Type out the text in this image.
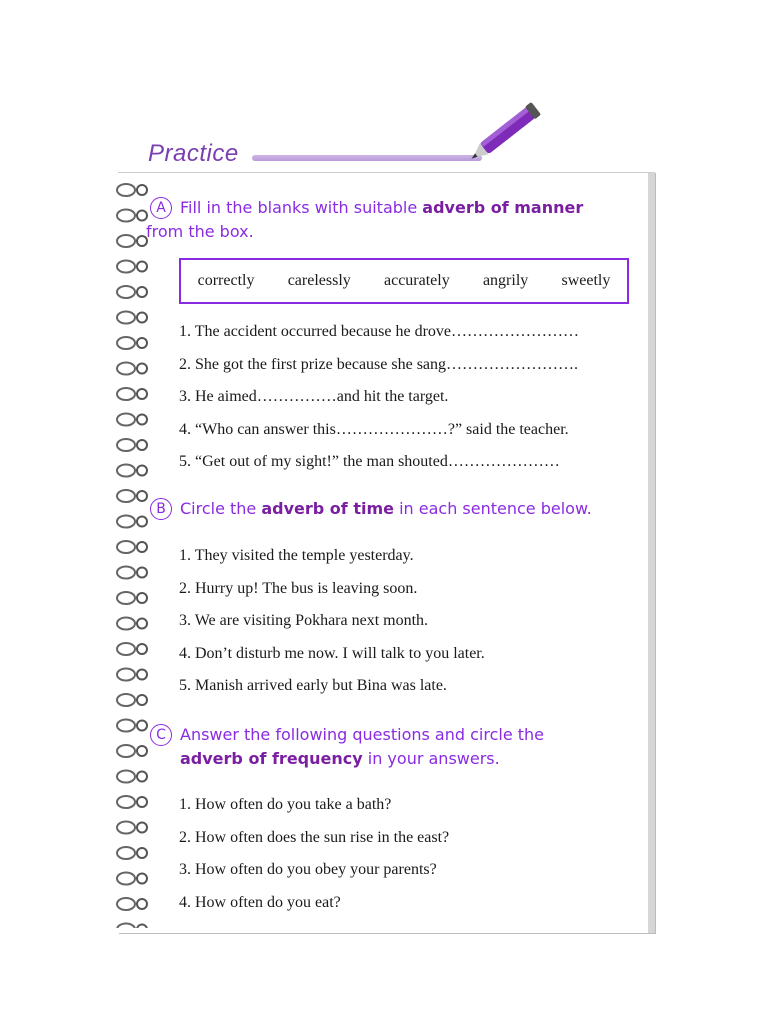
Practice
A Fill in the blanks with suitable adverb of manner
from the box.
correctly carelessly accurately angrily sweetly
1. The accident occurred because he drove……………………
2. She got the first prize because she sang…………………….
3. He aimed……………and hit the target.
4. “Who can answer this…………………?” said the teacher.
5. “Get out of my sight!” the man shouted…………………
B Circle the adverb of time in each sentence below.
1. They visited the temple yesterday.
2. Hurry up! The bus is leaving soon.
3. We are visiting Pokhara next month.
4. Don’t disturb me now. I will talk to you later.
5. Manish arrived early but Bina was late.
C Answer the following questions and circle the
adverb of frequency in your answers.
1. How often do you take a bath?
2. How often does the sun rise in the east?
3. How often do you obey your parents?
4. How often do you eat?
